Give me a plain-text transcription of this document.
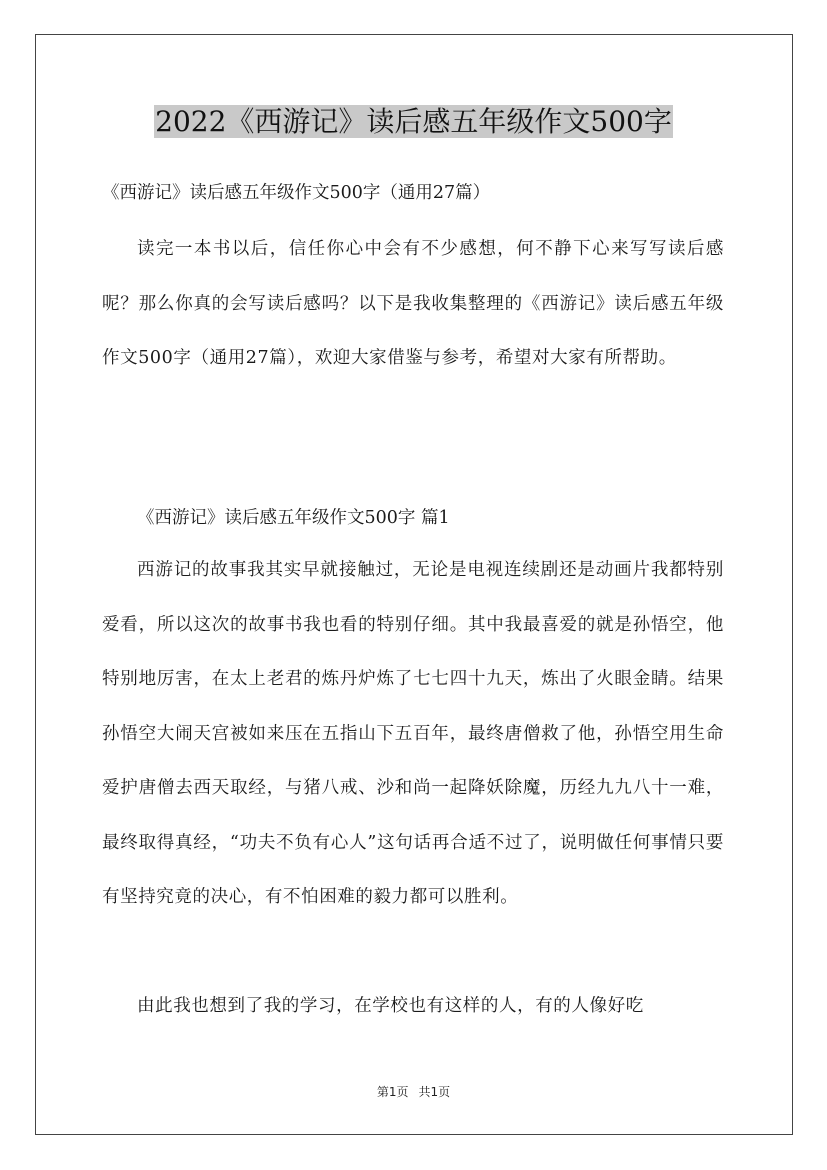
2022《西游记》读后感五年级作文500字

《西游记》读后感五年级作文500字（通用27篇）

读完一本书以后，信任你心中会有不少感想，何不静下心来写写读后感呢？那么你真的会写读后感吗？以下是我收集整理的《西游记》读后感五年级作文500字（通用27篇），欢迎大家借鉴与参考，希望对大家有所帮助。

《西游记》读后感五年级作文500字 篇1

西游记的故事我其实早就接触过，无论是电视连续剧还是动画片我都特别爱看，所以这次的故事书我也看的特别仔细。其中我最喜爱的就是孙悟空，他特别地厉害，在太上老君的炼丹炉炼了七七四十九天，炼出了火眼金睛。结果孙悟空大闹天宫被如来压在五指山下五百年，最终唐僧救了他，孙悟空用生命爱护唐僧去西天取经，与猪八戒、沙和尚一起降妖除魔，历经九九八十一难，最终取得真经，“功夫不负有心人”这句话再合适不过了，说明做任何事情只要有坚持究竟的决心，有不怕困难的毅力都可以胜利。

由此我也想到了我的学习，在学校也有这样的人，有的人像好吃

第1页 共1页
